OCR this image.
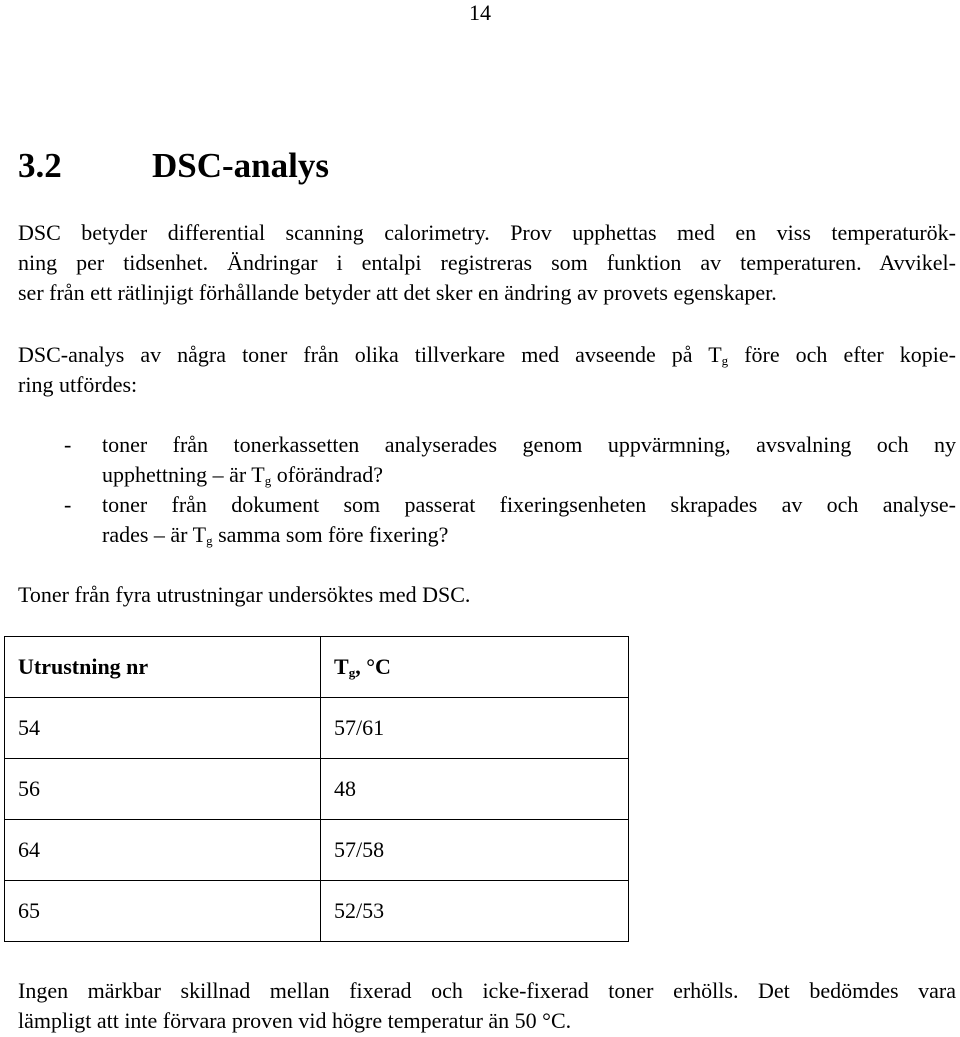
14
3.2	DSC-analys
DSC betyder differential scanning calorimetry. Prov upphettas med en viss temperaturök-
ning per tidsenhet. Ändringar i entalpi registreras som funktion av temperaturen. Avvikel-
ser från ett rätlinjigt förhållande betyder att det sker en ändring av provets egenskaper.
DSC-analys av några toner från olika tillverkare med avseende på $T_g$ före och efter kopie-
ring utfördes:
- toner från tonerkassetten analyserades genom uppvärmning, avsvalning och ny
upphettning – är $T_g$ oförändrad?
- toner från dokument som passerat fixeringsenheten skrapades av och analyse-
rades – är $T_g$ samma som före fixering?
Toner från fyra utrustningar undersöktes med DSC.
Utrustning nr	$T_g$, °C
54	57/61
56	48
64	57/58
65	52/53
Ingen märkbar skillnad mellan fixerad och icke-fixerad toner erhölls. Det bedömdes vara
lämpligt att inte förvara proven vid högre temperatur än 50 °C.
